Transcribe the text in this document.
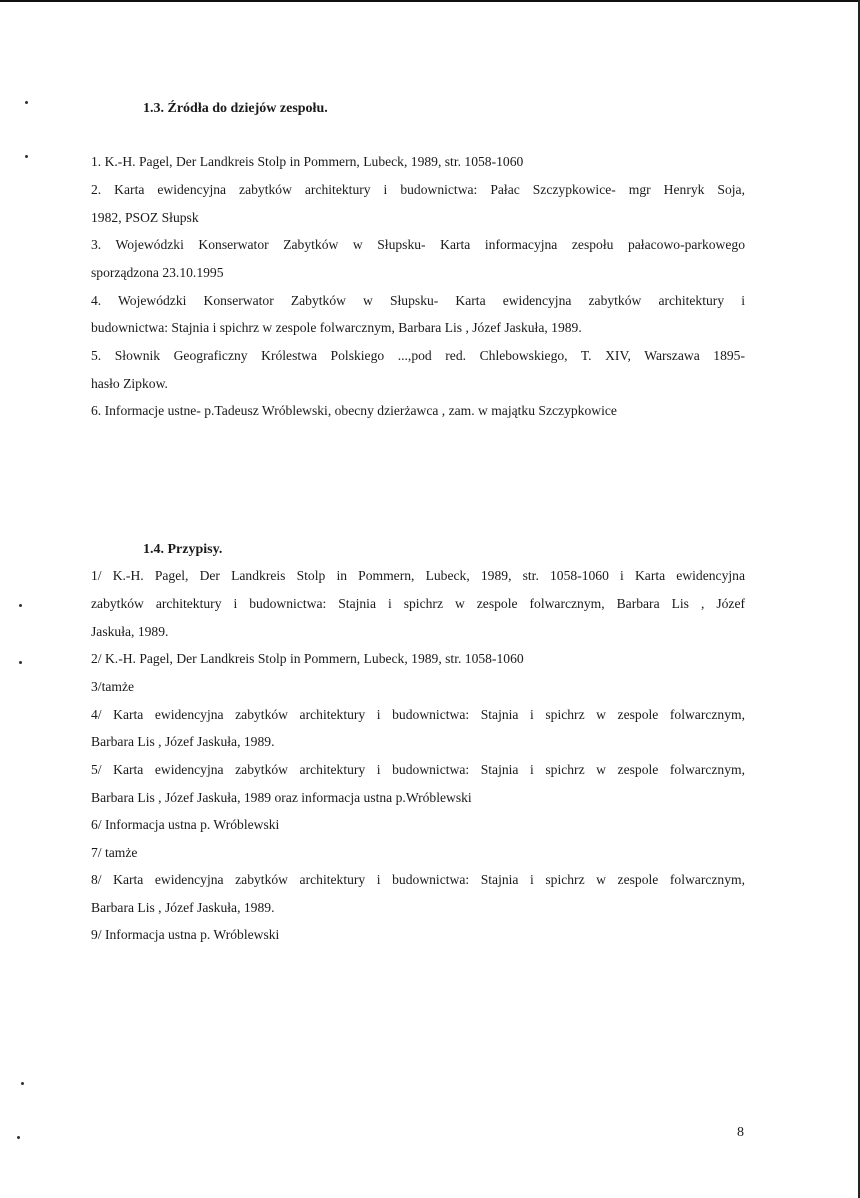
1.3. Źródła do dziejów zespołu.
1. K.-H. Pagel, Der Landkreis Stolp in Pommern, Lubeck, 1989, str. 1058-1060
2. Karta ewidencyjna zabytków architektury i budownictwa: Pałac Szczypkowice- mgr Henryk Soja,
1982, PSOZ Słupsk
3. Wojewódzki Konserwator Zabytków w Słupsku- Karta informacyjna zespołu pałacowo-parkowego
sporządzona 23.10.1995
4. Wojewódzki Konserwator Zabytków w Słupsku- Karta ewidencyjna zabytków architektury i
budownictwa: Stajnia i spichrz w zespole folwarcznym, Barbara Lis , Józef Jaskuła, 1989.
5. Słownik Geograficzny Królestwa Polskiego ...,pod red. Chlebowskiego, T. XIV, Warszawa 1895-
hasło Zipkow.
6. Informacje ustne- p.Tadeusz Wróblewski, obecny dzierżawca , zam. w majątku Szczypkowice
1.4. Przypisy.
1/ K.-H. Pagel, Der Landkreis Stolp in Pommern, Lubeck, 1989, str. 1058-1060 i Karta ewidencyjna
zabytków architektury i budownictwa: Stajnia i spichrz w zespole folwarcznym, Barbara Lis , Józef
Jaskuła, 1989.
2/ K.-H. Pagel, Der Landkreis Stolp in Pommern, Lubeck, 1989, str. 1058-1060
3/tamże
4/ Karta ewidencyjna zabytków architektury i budownictwa: Stajnia i spichrz w zespole folwarcznym,
Barbara Lis , Józef Jaskuła, 1989.
5/ Karta ewidencyjna zabytków architektury i budownictwa: Stajnia i spichrz w zespole folwarcznym,
Barbara Lis , Józef Jaskuła, 1989 oraz informacja ustna p.Wróblewski
6/ Informacja ustna p. Wróblewski
7/ tamże
8/ Karta ewidencyjna zabytków architektury i budownictwa: Stajnia i spichrz w zespole folwarcznym,
Barbara Lis , Józef Jaskuła, 1989.
9/ Informacja ustna p. Wróblewski
8
